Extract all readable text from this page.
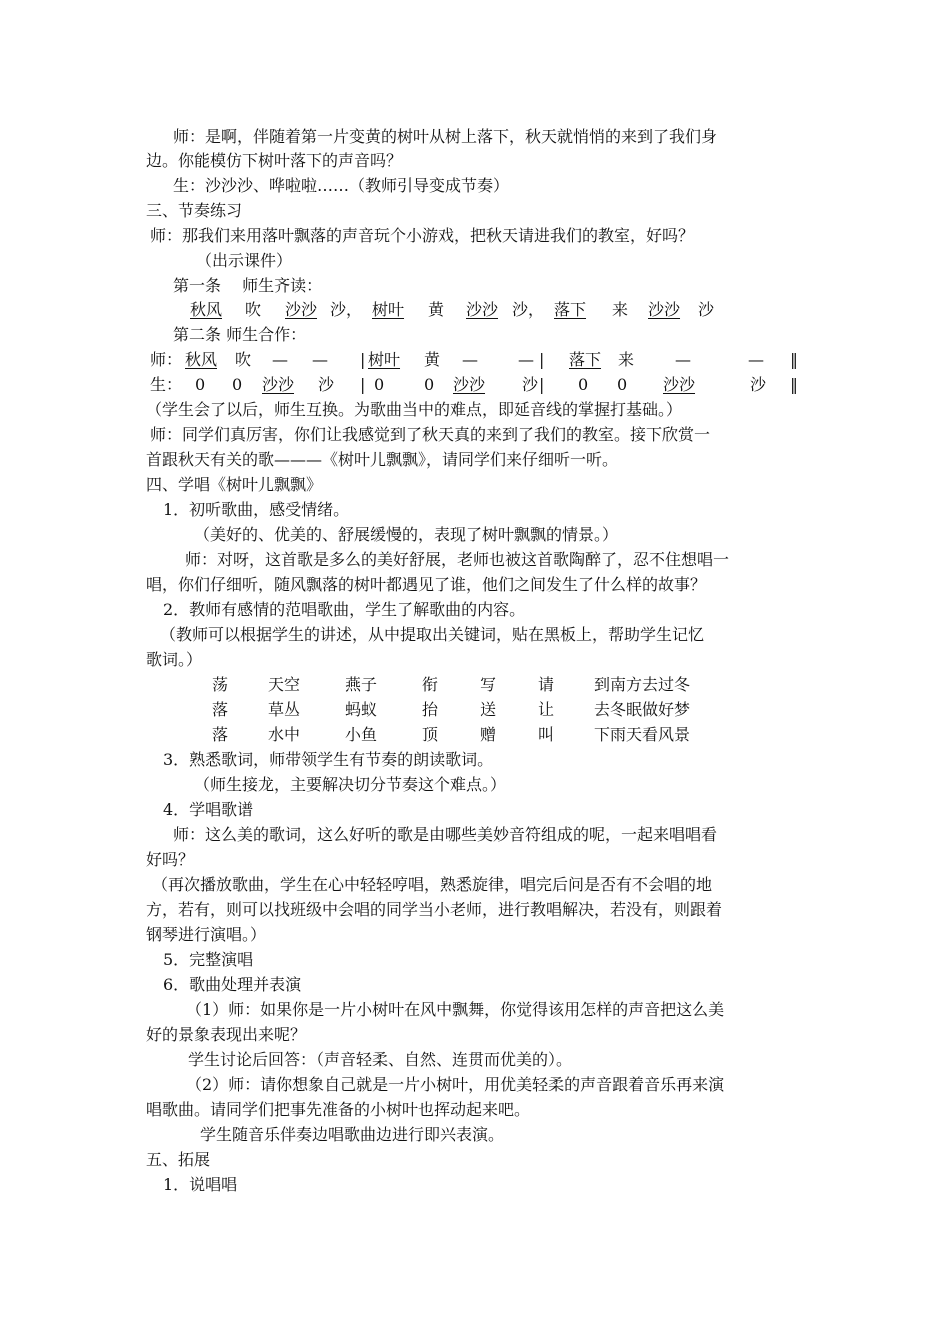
师：是啊，伴随着第一片变黄的树叶从树上落下，秋天就悄悄的来到了我们身
边。你能模仿下树叶落下的声音吗？
生：沙沙沙、哗啦啦……（教师引导变成节奏）
三、节奏练习
师：那我们来用落叶飘落的声音玩个小游戏，把秋天请进我们的教室，好吗？
（出示课件）
第一条　 师生齐读：
秋风 吹 沙沙 沙， 树叶 黄 沙沙 沙， 落下 来 沙沙 沙
第二条 师生合作：
师： 秋风 吹 — — | 树叶 黄 —	— | 落下 来	—	— ‖
生： 0 0 沙沙 沙 | 0 0 沙沙 沙 | 0 0 沙沙	沙 ‖
（学生会了以后，师生互换。为歌曲当中的难点，即延音线的掌握打基础。）
师：同学们真厉害，你们让我感觉到了秋天真的来到了我们的教室。接下欣赏一
首跟秋天有关的歌———《树叶儿飘飘》，请同学们来仔细听一听。
四、学唱《树叶儿飘飘》
1．初听歌曲，感受情绪。
（美好的、优美的、舒展缓慢的，表现了树叶飘飘的情景。）
师：对呀，这首歌是多么的美好舒展，老师也被这首歌陶醉了，忍不住想唱一
唱，你们仔细听，随风飘落的树叶都遇见了谁，他们之间发生了什么样的故事？
2．教师有感情的范唱歌曲，学生了解歌曲的内容。
（教师可以根据学生的讲述，从中提取出关键词，贴在黑板上，帮助学生记忆
歌词。）
荡 天空	燕子	衔	写	请 到南方去过冬
落 草丛	蚂蚁	抬	送	让 去冬眠做好梦
落 水中	小鱼	顶	赠	叫 下雨天看风景
3．熟悉歌词，师带领学生有节奏的朗读歌词。
（师生接龙，主要解决切分节奏这个难点。）
4．学唱歌谱
师：这么美的歌词，这么好听的歌是由哪些美妙音符组成的呢，一起来唱唱看
好吗？
（再次播放歌曲，学生在心中轻轻哼唱，熟悉旋律，唱完后问是否有不会唱的地
方，若有，则可以找班级中会唱的同学当小老师，进行教唱解决，若没有，则跟着
钢琴进行演唱。）
5．完整演唱
6．歌曲处理并表演
（1）师：如果你是一片小树叶在风中飘舞，你觉得该用怎样的声音把这么美
好的景象表现出来呢？
学生讨论后回答：（声音轻柔、自然、连贯而优美的）。
（2）师：请你想象自己就是一片小树叶，用优美轻柔的声音跟着音乐再来演
唱歌曲。请同学们把事先准备的小树叶也挥动起来吧。
学生随音乐伴奏边唱歌曲边进行即兴表演。
五、拓展
1．说唱唱
